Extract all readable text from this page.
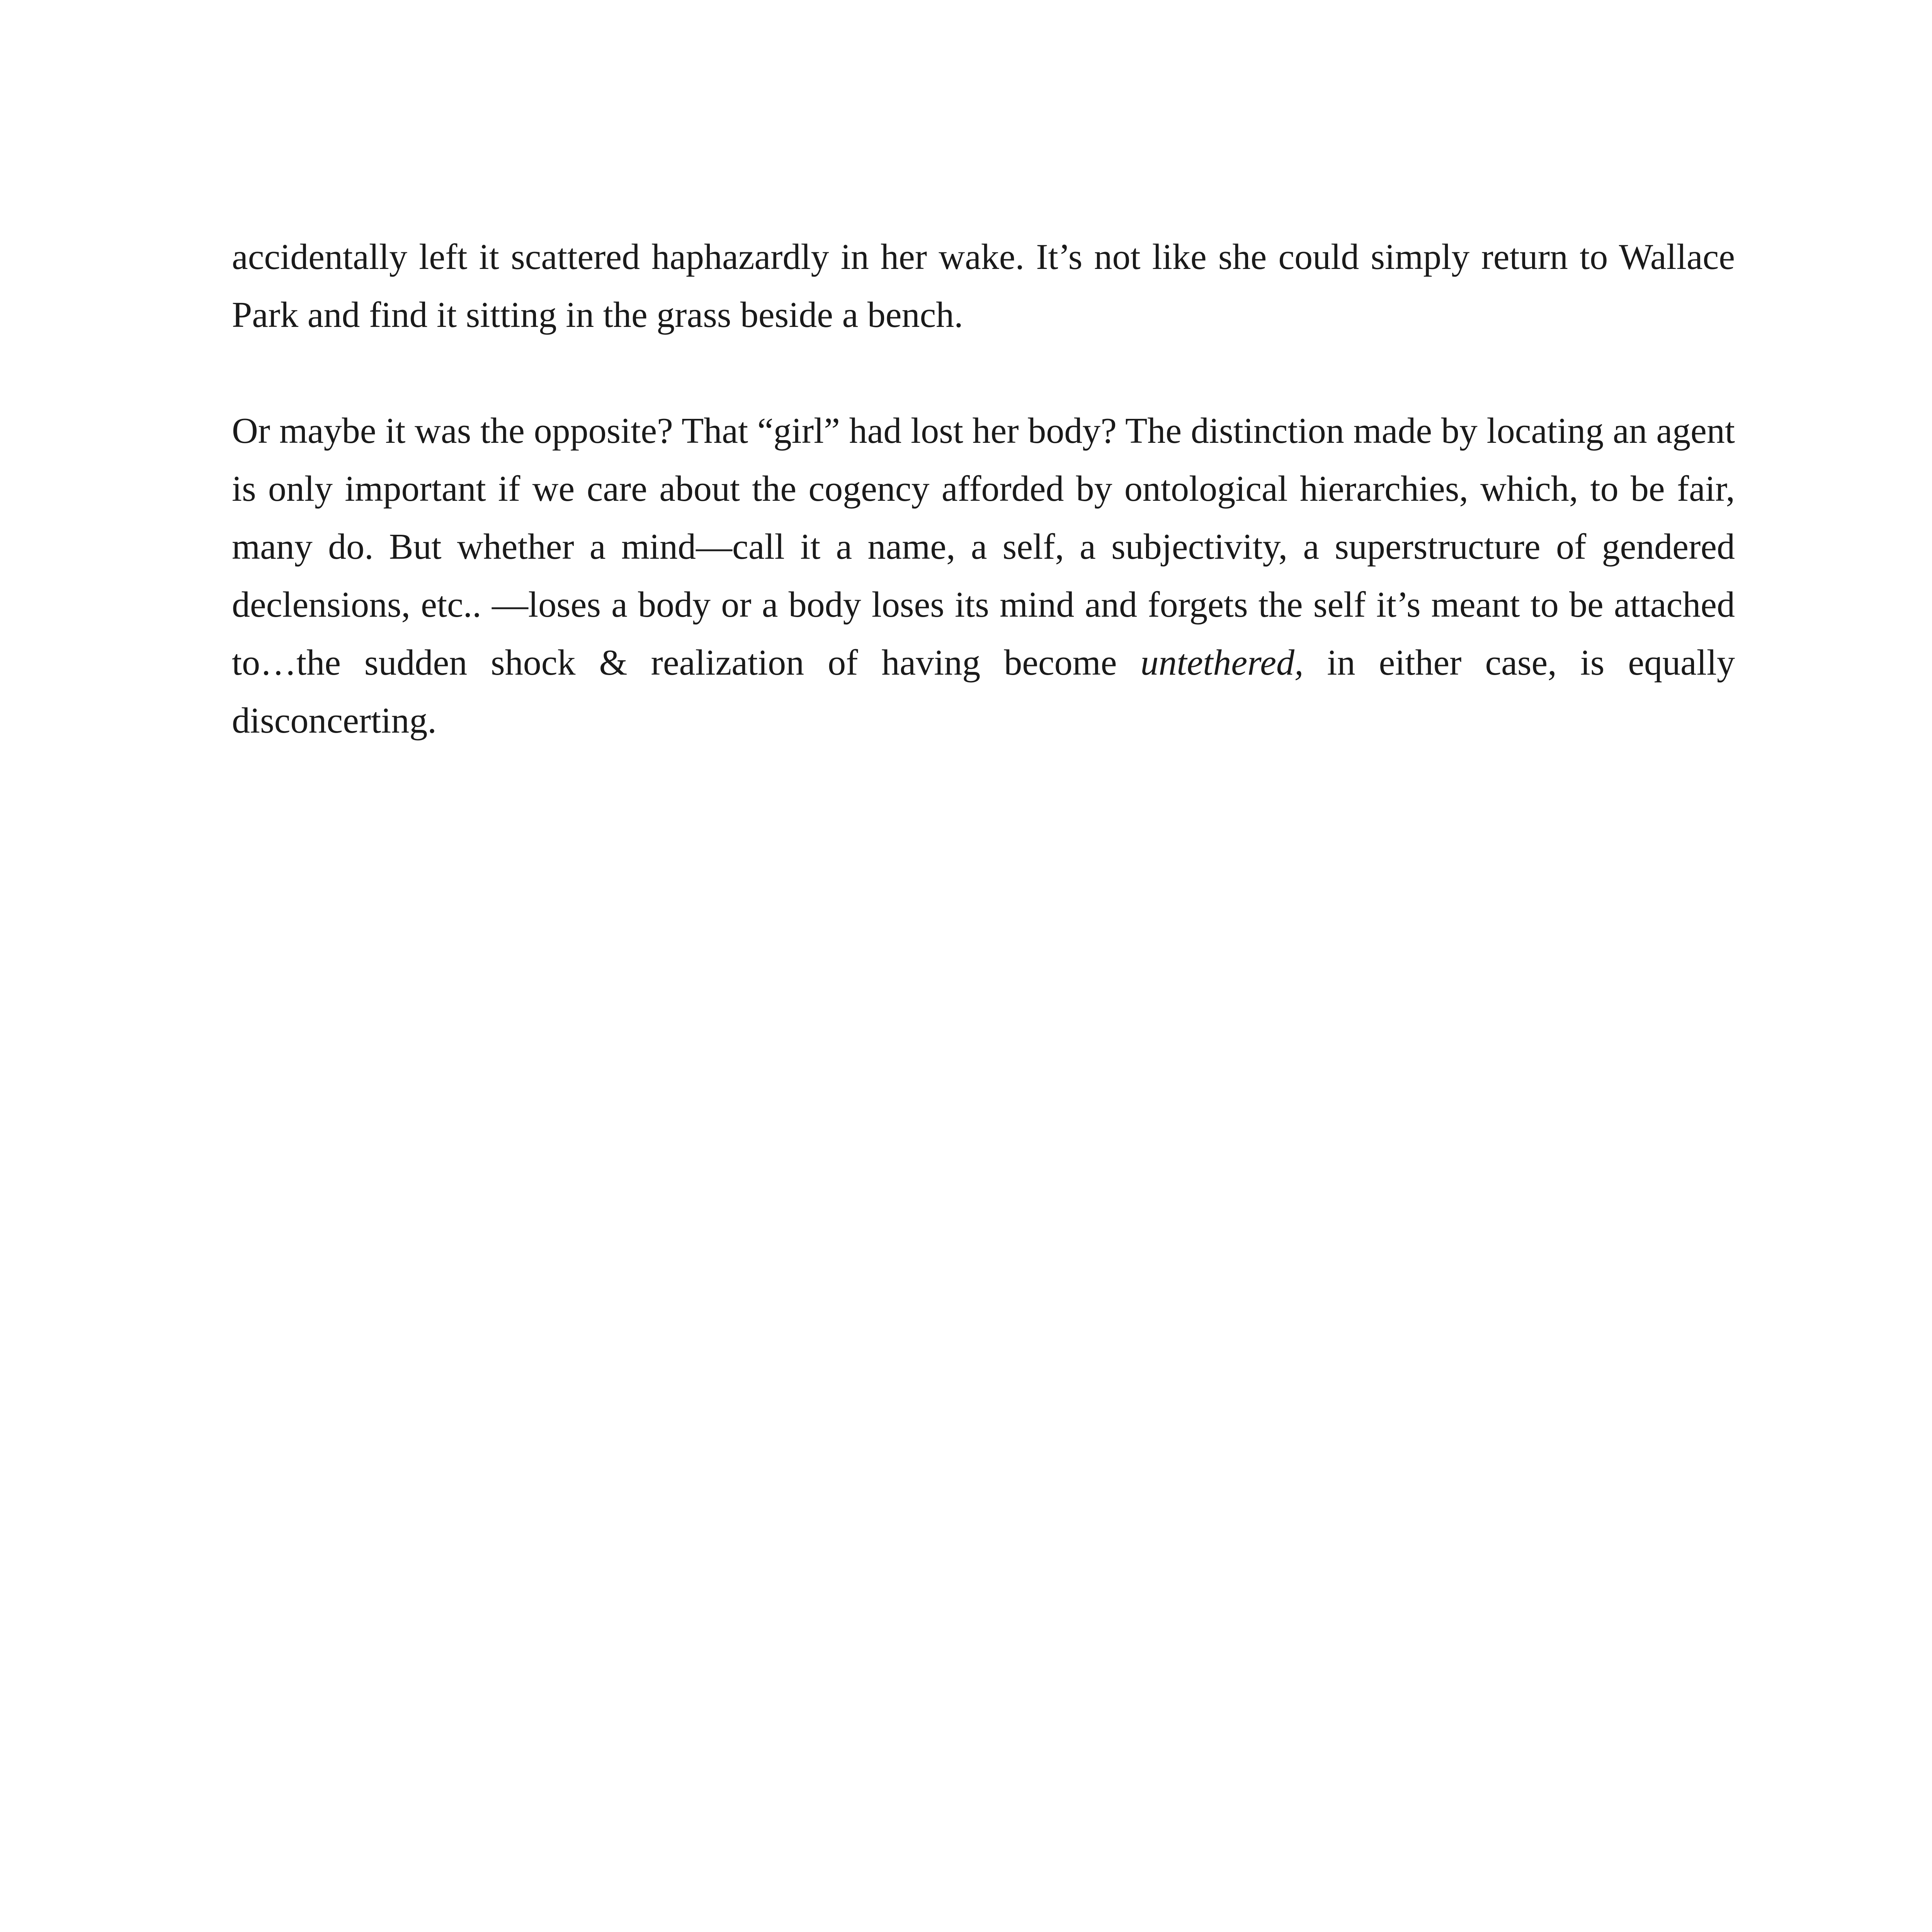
accidentally left it scattered haphazardly in her wake. It’s not like she could simply return to Wallace Park and find it sitting in the grass beside a bench.

Or maybe it was the opposite? That “girl” had lost her body? The distinction made by locating an agent is only important if we care about the cogency afforded by ontological hierarchies, which, to be fair, many do. But whether a mind—call it a name, a self, a subjectivity, a superstructure of gendered declensions, etc.. —loses a body or a body loses its mind and forgets the self it’s meant to be attached to…the sudden shock & realization of having become untethered, in either case, is equally disconcerting.
